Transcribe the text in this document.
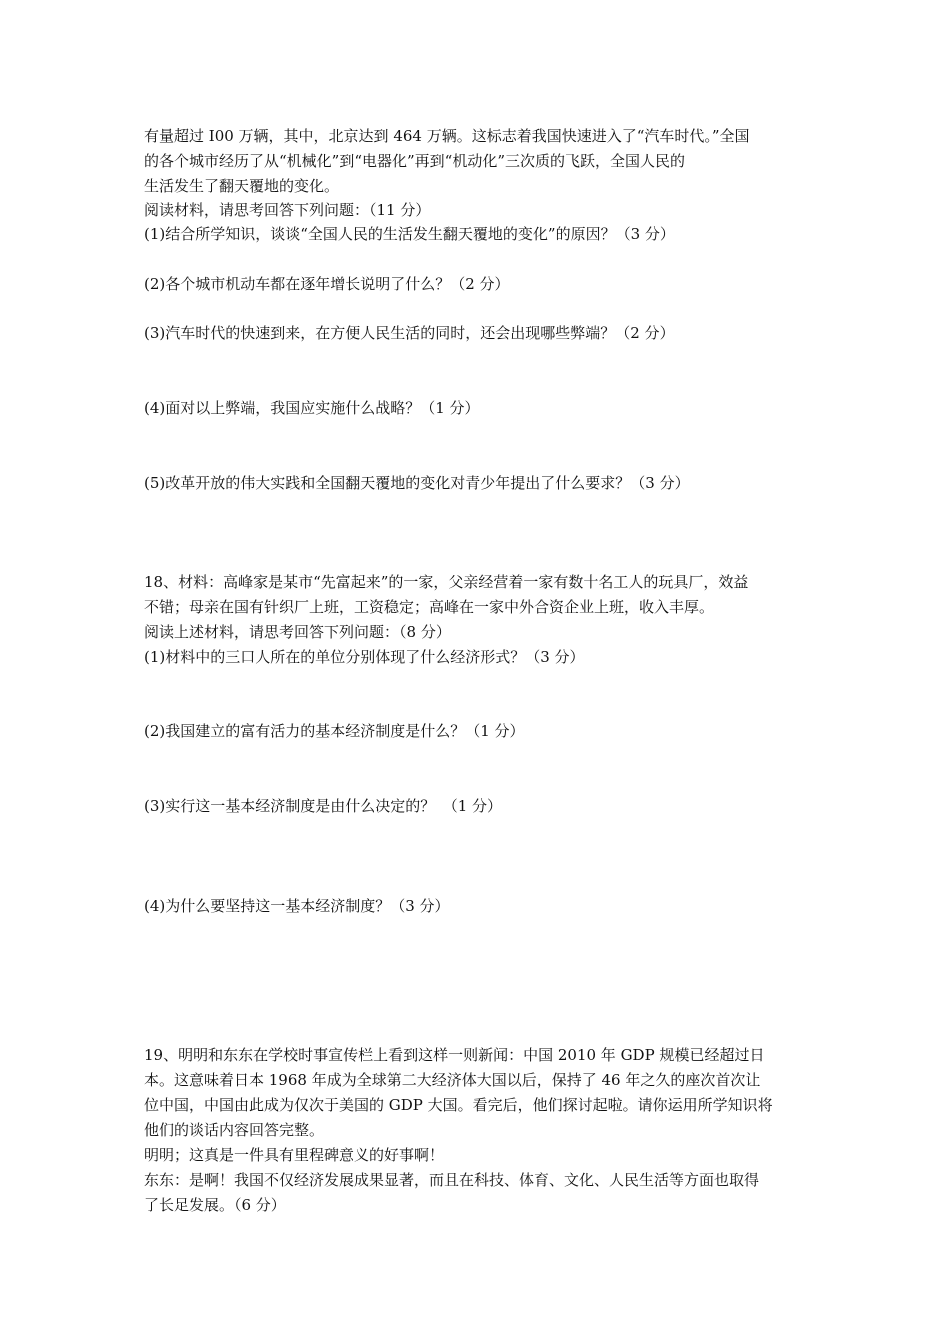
有量超过 I00 万辆，其中，北京达到 464 万辆。这标志着我国快速进入了“汽车时代。”全国
的各个城市经历了从“机械化”到“电器化”再到“机动化”三次质的飞跃，全国人民的
生活发生了翻天覆地的变化。
阅读材料，请思考回答下列问题：（11 分）
(1)结合所学知识，谈谈“全国人民的生活发生翻天覆地的变化”的原因？（3 分）
(2)各个城市机动车都在逐年增长说明了什么？（2 分）
(3)汽车时代的快速到来，在方便人民生活的同时，还会出现哪些弊端？（2 分）
(4)面对以上弊端，我国应实施什么战略？（1 分）
(5)改革开放的伟大实践和全国翻天覆地的变化对青少年提出了什么要求？（3 分）
18、材料：高峰家是某市“先富起来”的一家，父亲经营着一家有数十名工人的玩具厂，效益
不错；母亲在国有针织厂上班，工资稳定；高峰在一家中外合资企业上班，收入丰厚。
阅读上述材料，请思考回答下列问题：（8 分）
(1)材料中的三口人所在的单位分别体现了什么经济形式？（3 分）
(2)我国建立的富有活力的基本经济制度是什么？（1 分）
(3)实行这一基本经济制度是由什么决定的？　（1 分）
(4)为什么要坚持这一基本经济制度？（3 分）
19、明明和东东在学校时事宣传栏上看到这样一则新闻：中国 2010 年 GDP 规模已经超过日
本。这意味着日本 1968 年成为全球第二大经济体大国以后，保持了 46 年之久的座次首次让
位中国，中国由此成为仅次于美国的 GDP 大国。看完后，他们探讨起啦。请你运用所学知识将
他们的谈话内容回答完整。
明明；这真是一件具有里程碑意义的好事啊！
东东：是啊！我国不仅经济发展成果显著，而且在科技、体育、文化、人民生活等方面也取得
了长足发展。（6 分）
